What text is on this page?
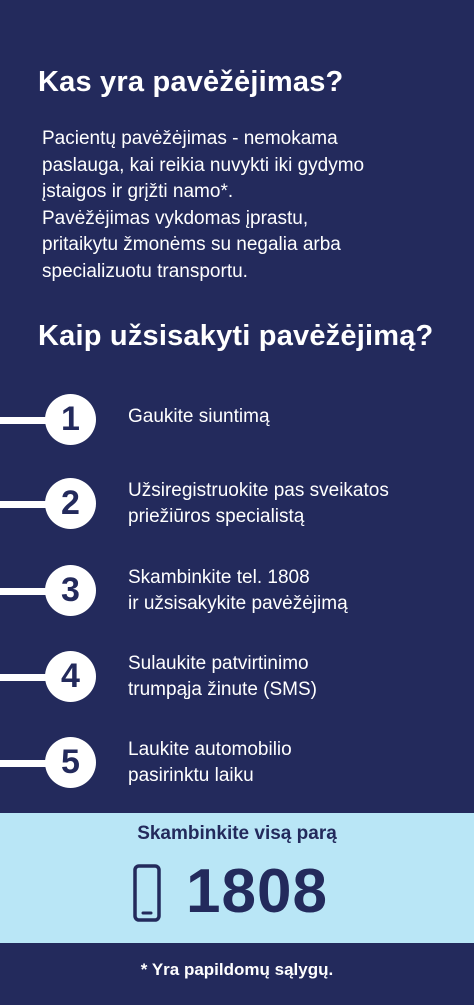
Kas yra pavėžėjimas?

Pacientų pavėžėjimas - nemokama

paslauga, kai reikia nuvykti iki gydymo

įstaigos ir grįžti namo*.

Pavėžėjimas vykdomas įprastu,

pritaikytu žmonėms su negalia arba

specializuotu transportu.

Kaip užsisakyti pavėžėjimą?
1	Gaukite siuntimą
2	Užsiregistruokite pas sveikatos
priežiūros specialistą
3	Skambinkite tel. 1808
ir užsisakykite pavėžėjimą
4	Sulaukite patvirtinimo
trumpąja žinute (SMS)
5	Laukite automobilio
pasirinktu laiku
Skambinkite visą parą
1808
* Yra papildomų sąlygų.
